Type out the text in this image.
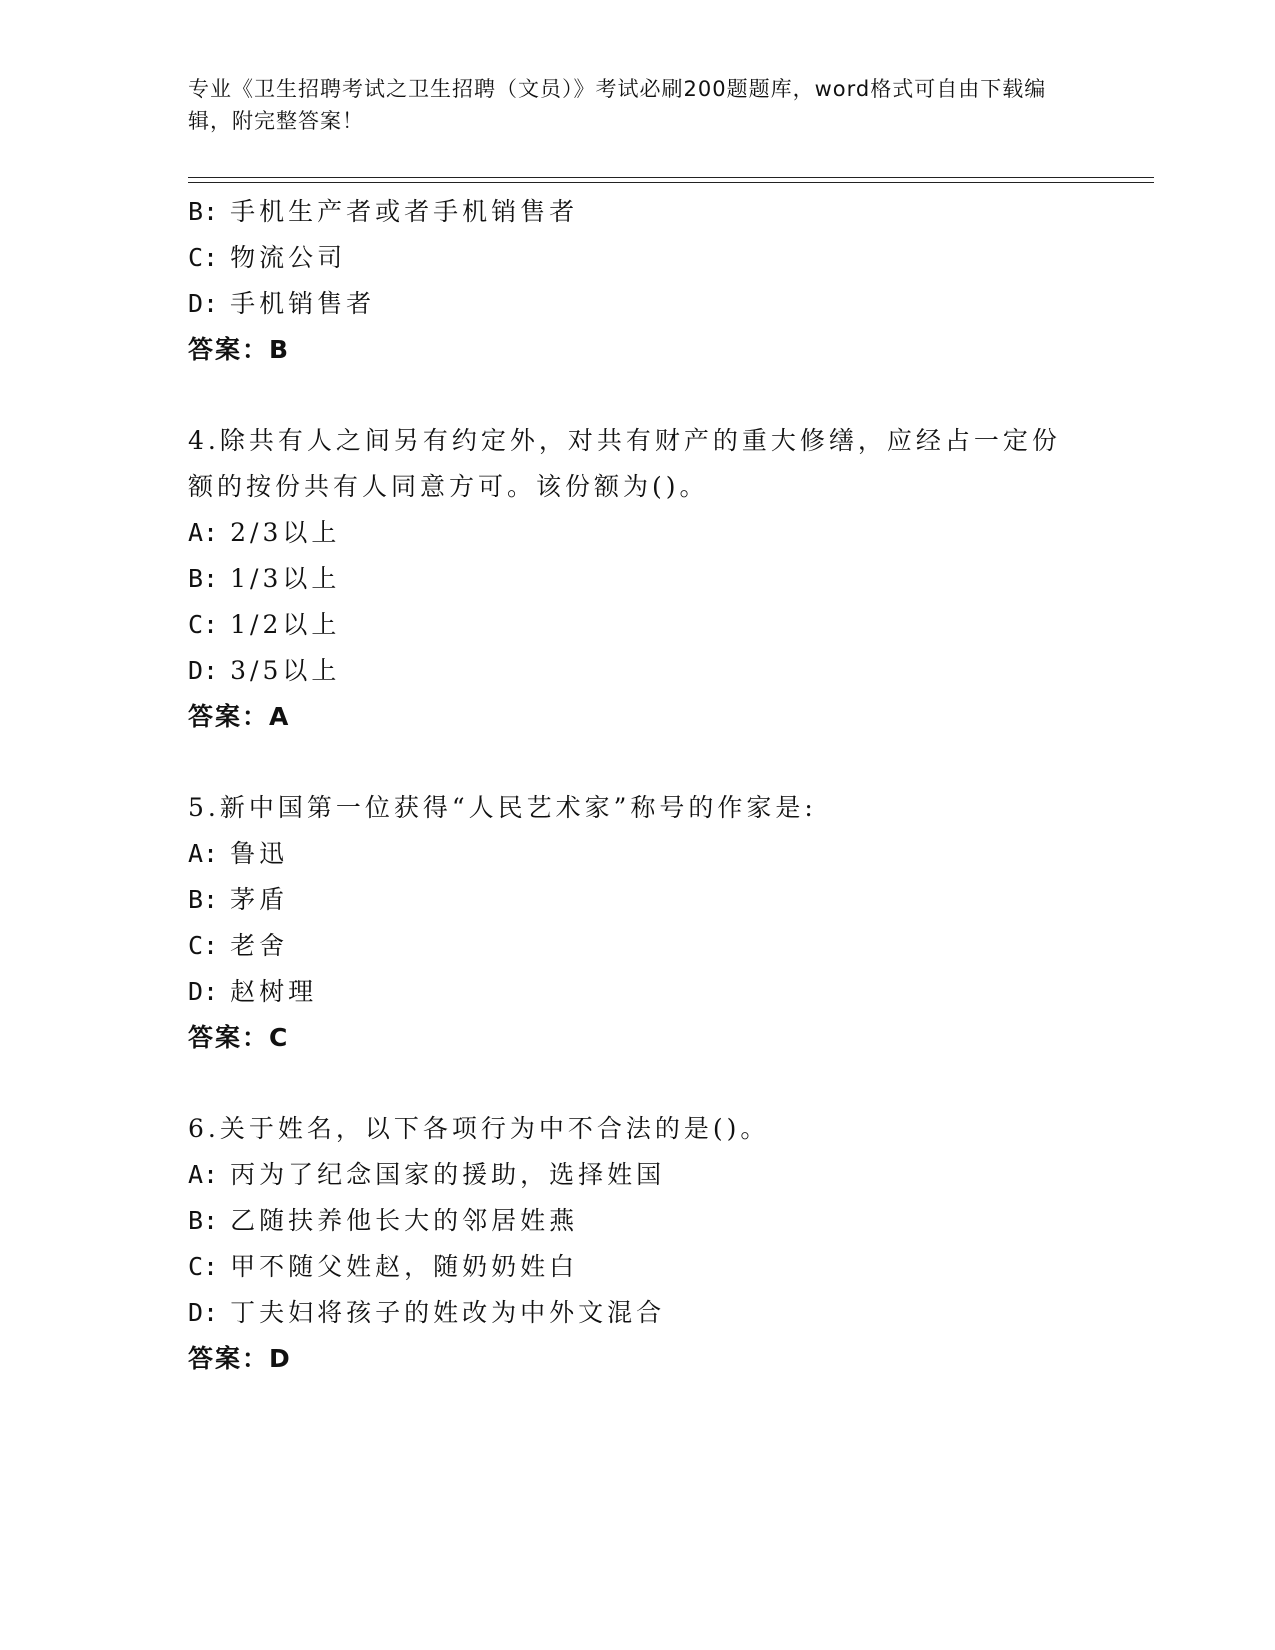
专业《卫生招聘考试之卫生招聘（文员）》考试必刷200题题库，word格式可自由下载编辑，附完整答案！
B: 手机生产者或者手机销售者
C: 物流公司
D: 手机销售者
答案：B
4.除共有人之间另有约定外，对共有财产的重大修缮，应经占一定份额的按份共有人同意方可。该份额为()。
A: 2/3以上
B: 1/3以上
C: 1/2以上
D: 3/5以上
答案：A
5.新中国第一位获得“人民艺术家”称号的作家是:
A: 鲁迅
B: 茅盾
C: 老舍
D: 赵树理
答案：C
6.关于姓名，以下各项行为中不合法的是()。
A: 丙为了纪念国家的援助，选择姓国
B: 乙随扶养他长大的邻居姓燕
C: 甲不随父姓赵，随奶奶姓白
D: 丁夫妇将孩子的姓改为中外文混合
答案：D
